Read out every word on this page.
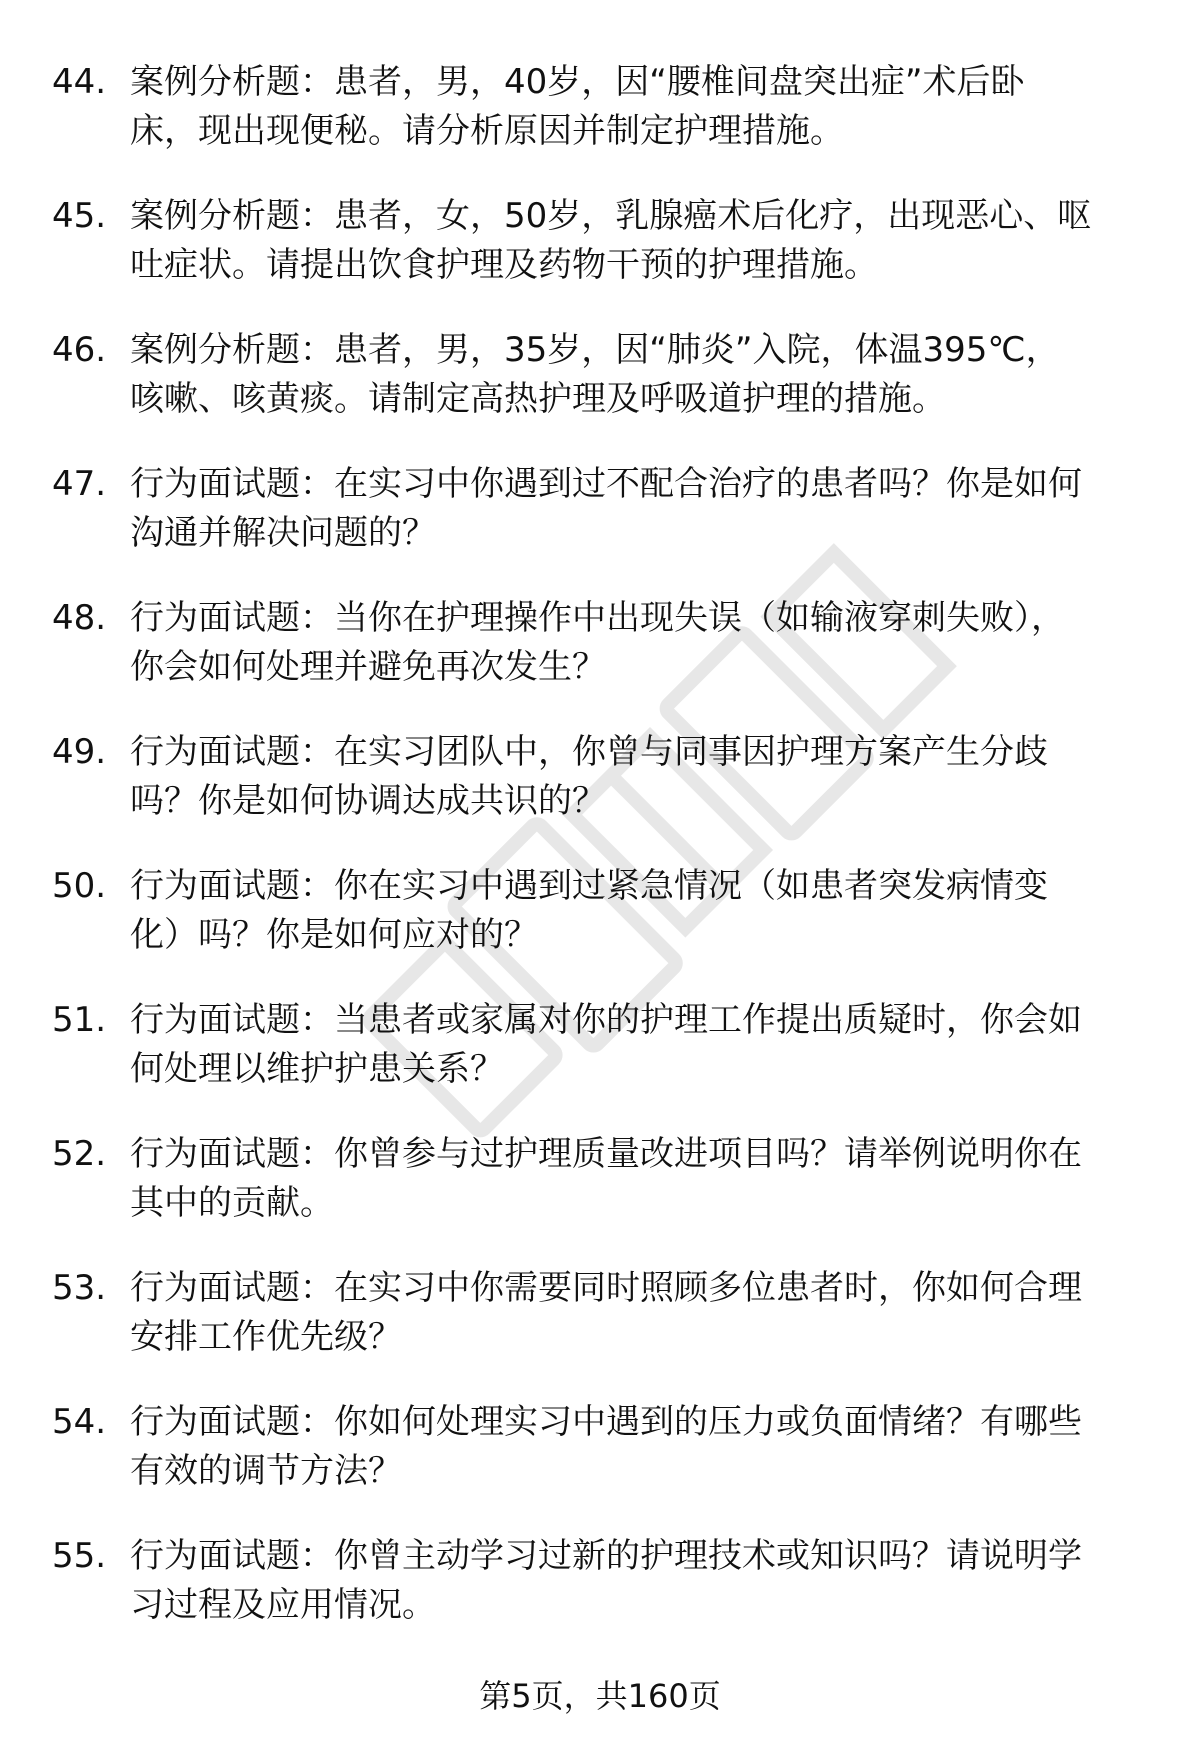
44. 案例分析题：患者，男，40岁，因“腰椎间盘突出症”术后卧
床，现出现便秘。请分析原因并制定护理措施。
45. 案例分析题：患者，女，50岁，乳腺癌术后化疗，出现恶心、呕
吐症状。请提出饮食护理及药物干预的护理措施。
46. 案例分析题：患者，男，35岁，因“肺炎”入院，体温395℃，
咳嗽、咳黄痰。请制定高热护理及呼吸道护理的措施。
47. 行为面试题：在实习中你遇到过不配合治疗的患者吗？你是如何
沟通并解决问题的？
48. 行为面试题：当你在护理操作中出现失误（如输液穿刺失败），
你会如何处理并避免再次发生？
49. 行为面试题：在实习团队中，你曾与同事因护理方案产生分歧
吗？你是如何协调达成共识的？
50. 行为面试题：你在实习中遇到过紧急情况（如患者突发病情变
化）吗？你是如何应对的？
51. 行为面试题：当患者或家属对你的护理工作提出质疑时，你会如
何处理以维护护患关系？
52. 行为面试题：你曾参与过护理质量改进项目吗？请举例说明你在
其中的贡献。
53. 行为面试题：在实习中你需要同时照顾多位患者时，你如何合理
安排工作优先级？
54. 行为面试题：你如何处理实习中遇到的压力或负面情绪？有哪些
有效的调节方法？
55. 行为面试题：你曾主动学习过新的护理技术或知识吗？请说明学
习过程及应用情况。
第5页，共160页
